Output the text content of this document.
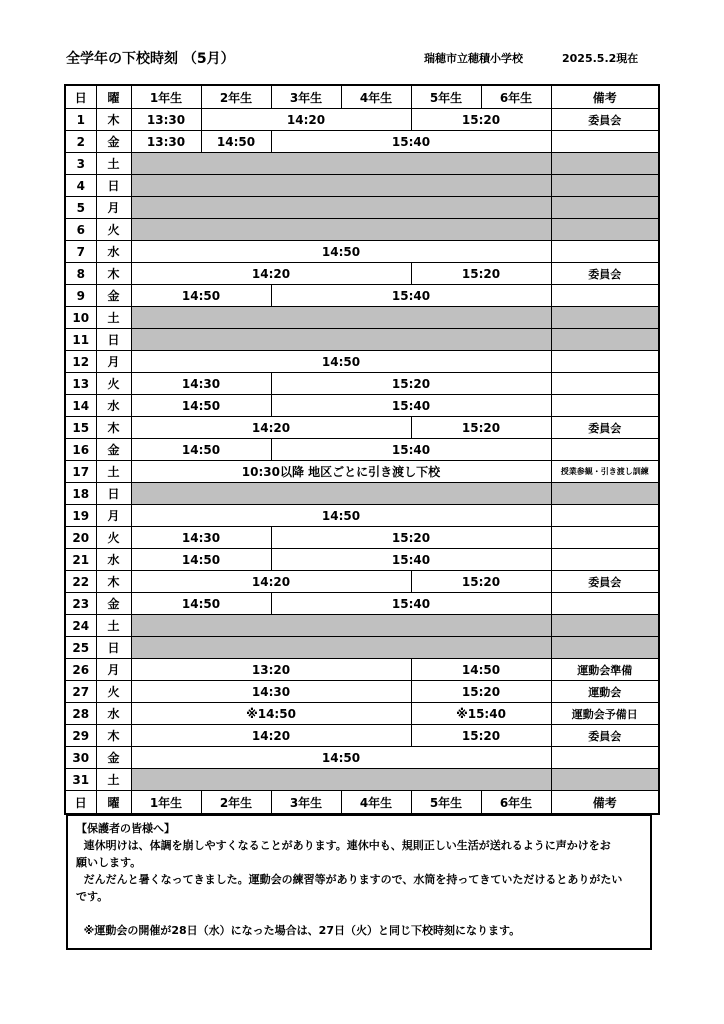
全学年の下校時刻 （5月）	瑞穂市立穂積小学校	2025.5.2現在
日	曜	1年生	2年生	3年生	4年生	5年生	6年生	備考
1	木	13:30	14:20			15:20		委員会
2	金	13:30	14:50	15:40				
3	土							
4	日							
5	月							
6	火							
7	水	14:50						
8	木	14:20				15:20		委員会
9	金	14:50		15:40				
10	土							
11	日							
12	月	14:50						
13	火	14:30		15:20				
14	水	14:50		15:40				
15	木	14:20				15:20		委員会
16	金	14:50		15:40				
17	土	10:30以降 地区ごとに引き渡し下校						授業参観・引き渡し訓練
18	日							
19	月	14:50						
20	火	14:30		15:20				
21	水	14:50		15:40				
22	木	14:20				15:20		委員会
23	金	14:50		15:40				
24	土							
25	日							
26	月	13:20				14:50		運動会準備
27	火	14:30				15:20		運動会
28	水	※14:50				※15:40		運動会予備日
29	木	14:20				15:20		委員会
30	金	14:50						
31	土							
日	曜	1年生	2年生	3年生	4年生	5年生	6年生	備考

【保護者の皆様へ】

連休明けは、体調を崩しやすくなることがあります。連休中も、規則正しい生活が送れるように声かけをお

願いします。

だんだんと暑くなってきました。運動会の練習等がありますので、水筒を持ってきていただけるとありがたい

です。

※運動会の開催が28日（水）になった場合は、27日（火）と同じ下校時刻になります。
